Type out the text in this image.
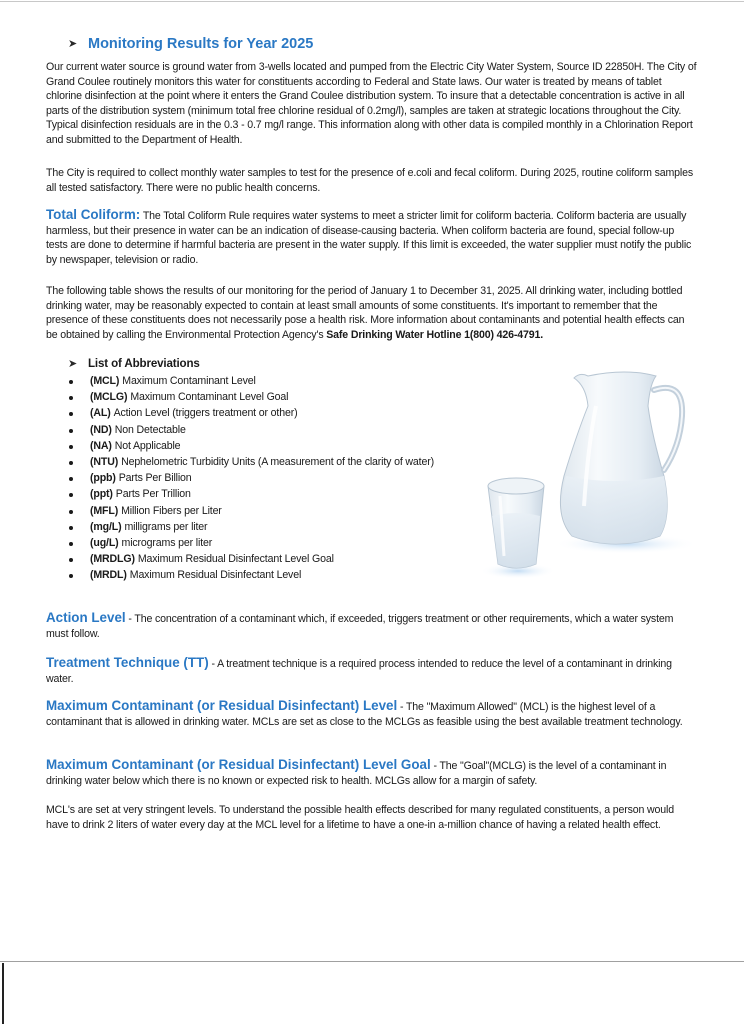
➤ Monitoring Results for Year 2025

Our current water source is ground water from 3-wells located and pumped from the Electric City Water System, Source ID 22850H. The City of Grand Coulee routinely monitors this water for constituents according to Federal and State laws. Our water is treated by means of tablet chlorine disinfection at the point where it enters the Grand Coulee distribution system. To insure that a detectable concentration is active in all parts of the distribution system (minimum total free chlorine residual of 0.2mg/l), samples are taken at strategic locations throughout the City. Typical disinfection residuals are in the 0.3 - 0.7 mg/l range. This information along with other data is compiled monthly in a Chlorination Report and submitted to the Department of Health.

The City is required to collect monthly water samples to test for the presence of e.coli and fecal coliform. During 2025, routine coliform samples all tested satisfactory. There were no public health concerns.

Total Coliform: The Total Coliform Rule requires water systems to meet a stricter limit for coliform bacteria. Coliform bacteria are usually harmless, but their presence in water can be an indication of disease-causing bacteria. When coliform bacteria are found, special follow-up tests are done to determine if harmful bacteria are present in the water supply. If this limit is exceeded, the water supplier must notify the public by newspaper, television or radio.

The following table shows the results of our monitoring for the period of January 1 to December 31, 2025. All drinking water, including bottled drinking water, may be reasonably expected to contain at least small amounts of some constituents. It's important to remember that the presence of these constituents does not necessarily pose a health risk. More information about contaminants and potential health effects can be obtained by calling the Environmental Protection Agency's Safe Drinking Water Hotline 1(800) 426-4791.

➤ List of Abbreviations
(MCL) Maximum Contaminant Level
(MCLG) Maximum Contaminant Level Goal
(AL) Action Level (triggers treatment or other)
(ND) Non Detectable
(NA) Not Applicable
(NTU) Nephelometric Turbidity Units (A measurement of the clarity of water)
(ppb) Parts Per Billion
(ppt) Parts Per Trillion
(MFL) Million Fibers per Liter
(mg/L) milligrams per liter
(ug/L) micrograms per liter
(MRDLG) Maximum Residual Disinfectant Level Goal
(MRDL) Maximum Residual Disinfectant Level

Action Level - The concentration of a contaminant which, if exceeded, triggers treatment or other requirements, which a water system must follow.

Treatment Technique (TT) - A treatment technique is a required process intended to reduce the level of a contaminant in drinking water.

Maximum Contaminant (or Residual Disinfectant) Level - The "Maximum Allowed" (MCL) is the highest level of a contaminant that is allowed in drinking water. MCLs are set as close to the MCLGs as feasible using the best available treatment technology.

Maximum Contaminant (or Residual Disinfectant) Level Goal - The "Goal"(MCLG) is the level of a contaminant in drinking water below which there is no known or expected risk to health. MCLGs allow for a margin of safety.

MCL's are set at very stringent levels. To understand the possible health effects described for many regulated constituents, a person would have to drink 2 liters of water every day at the MCL level for a lifetime to have a one-in a-million chance of having a related health effect.
